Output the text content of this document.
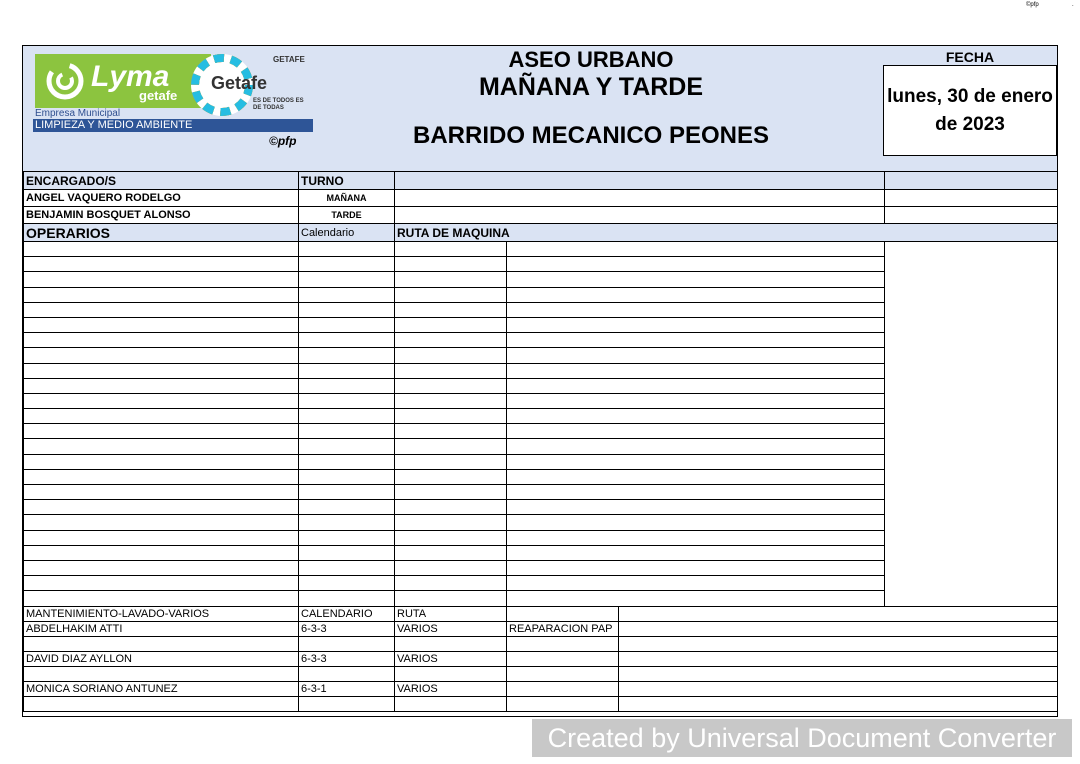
©pfp	.
Lyma
getafe
Empresa Municipal
LIMPIEZA Y MEDIO AMBIENTE
Getafe
GETAFE
ES DE TODOS ES DE TODAS
©pfp
ASEO URBANO
MAÑANA Y TARDE
BARRIDO MECANICO PEONES
FECHA
lunes, 30 de enero de 2023
ENCARGADO/S	TURNO				
ANGEL VAQUERO RODELGO	MAÑANA				
BENJAMIN BOSQUET ALONSO	TARDE				
OPERARIOS	Calendario	RUTA DE MAQUINA			

MANTENIMIENTO-LAVADO-VARIOS	CALENDARIO	RUTA			
ABDELHAKIM ATTI	6-3-3	VARIOS	REAPARACION PAP		

DAVID DIAZ AYLLON	6-3-3	VARIOS			

MONICA SORIANO ANTUNEZ	6-3-1	VARIOS			

Created by Universal Document Converter
